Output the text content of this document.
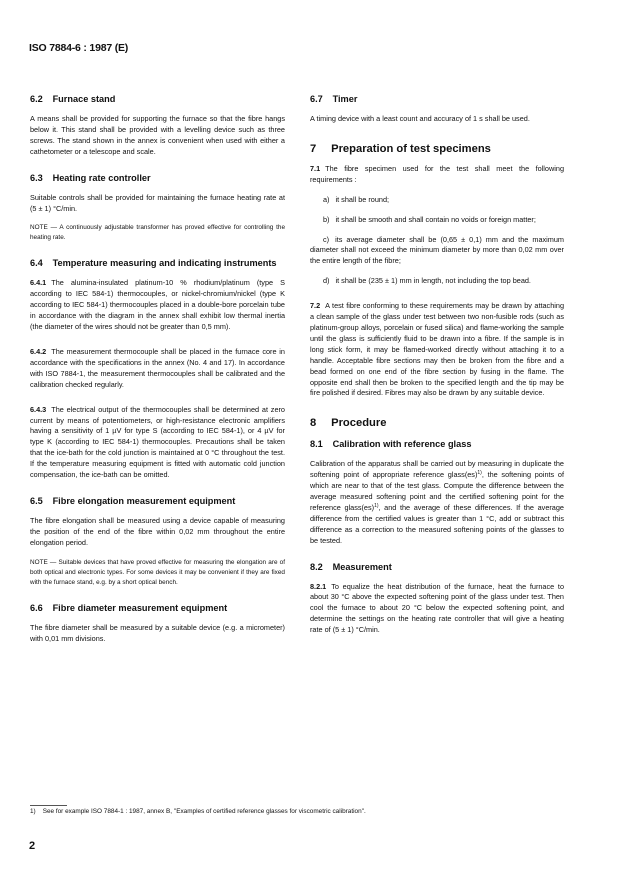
ISO 7884-6 : 1987 (E)
6.2 Furnace stand

A means shall be provided for supporting the furnace so that the fibre hangs below it. This stand shall be provided with a levelling device such as three screws. The stand shown in the annex is convenient when used with either a cathetometer or a telescope and scale.

6.3 Heating rate controller

Suitable controls shall be provided for maintaining the furnace heating rate at (5 ± 1) °C/min.

NOTE — A continuously adjustable transformer has proved effective for controlling the heating rate.

6.4 Temperature measuring and indicating instruments

6.4.1 The alumina-insulated platinum-10 % rhodium/platinum (type S according to IEC 584-1) thermocouples, or nickel-chromium/nickel (type K according to IEC 584-1) thermocouples placed in a double-bore porcelain tube in accordance with the diagram in the annex shall exhibit low thermal inertia (the diameter of the wires should not be greater than 0,5 mm).

6.4.2 The measurement thermocouple shall be placed in the furnace core in accordance with the specifications in the annex (No. 4 and 17). In accordance with ISO 7884-1, the measurement thermocouples shall be calibrated and the calibration checked regularly.

6.4.3 The electrical output of the thermocouples shall be determined at zero current by means of potentiometers, or high-resistance electronic amplifiers having a sensitivity of 1 µV for type S (according to IEC 584-1), or 4 µV for type K (according to IEC 584-1) thermocouples. Precautions shall be taken that the ice-bath for the cold junction is maintained at 0 °C throughout the test. If the temperature measuring equipment is fitted with automatic cold junction compensation, the ice-bath can be omitted.

6.5 Fibre elongation measurement equipment

The fibre elongation shall be measured using a device capable of measuring the position of the end of the fibre within 0,02 mm throughout the entire elongation period.

NOTE — Suitable devices that have proved effective for measuring the elongation are of both optical and electronic types. For some devices it may be convenient if they are fixed with the furnace stand, e.g. by a short optical bench.

6.6 Fibre diameter measurement equipment

The fibre diameter shall be measured by a suitable device (e.g. a micrometer) with 0,01 mm divisions.

6.7 Timer

A timing device with a least count and accuracy of 1 s shall be used.

7 Preparation of test specimens

7.1 The fibre specimen used for the test shall meet the following requirements :

a) it shall be round;

b) it shall be smooth and shall contain no voids or foreign matter;

c) its average diameter shall be (0,65 ± 0,1) mm and the maximum diameter shall not exceed the minimum diameter by more than 0,02 mm over the entire length of the fibre;

d) it shall be (235 ± 1) mm in length, not including the top bead.

7.2 A test fibre conforming to these requirements may be drawn by attaching a clean sample of the glass under test between two non-fusible rods (such as platinum-group alloys, porcelain or fused silica) and flame-working the sample until the glass is sufficiently fluid to be drawn into a fibre. If the sample is in long stick form, it may be flamed-worked directly without attaching it to a handle. Acceptable fibre sections may then be broken from the fibre and a bead formed on one end of the fibre section by fusing in the flame. The opposite end shall then be broken to the specified length and the tip may be fire polished if desired. Fibres may also be drawn by any suitable device.

8 Procedure
8.1 Calibration with reference glass

Calibration of the apparatus shall be carried out by measuring in duplicate the softening point of appropriate reference glass(es)$^{1)}$, the softening points of which are near to that of the test glass. Compute the difference between the average measured softening point and the certified softening point for the reference glass(es)$^{1)}$, and the average of these differences. If the average difference from the certified values is greater than 1 °C, add or subtract this difference as a correction to the measured softening points of the glasses to be tested.

8.2 Measurement

8.2.1 To equalize the heat distribution of the furnace, heat the furnace to about 30 °C above the expected softening point of the glass under test. Then cool the furnace to about 20 °C below the expected softening point, and determine the settings on the heating rate controller that will give a heating rate of (5 ± 1) °C/min.

1) See for example ISO 7884-1 : 1987, annex B, ''Examples of certified reference glasses for viscometric calibration''.
2
